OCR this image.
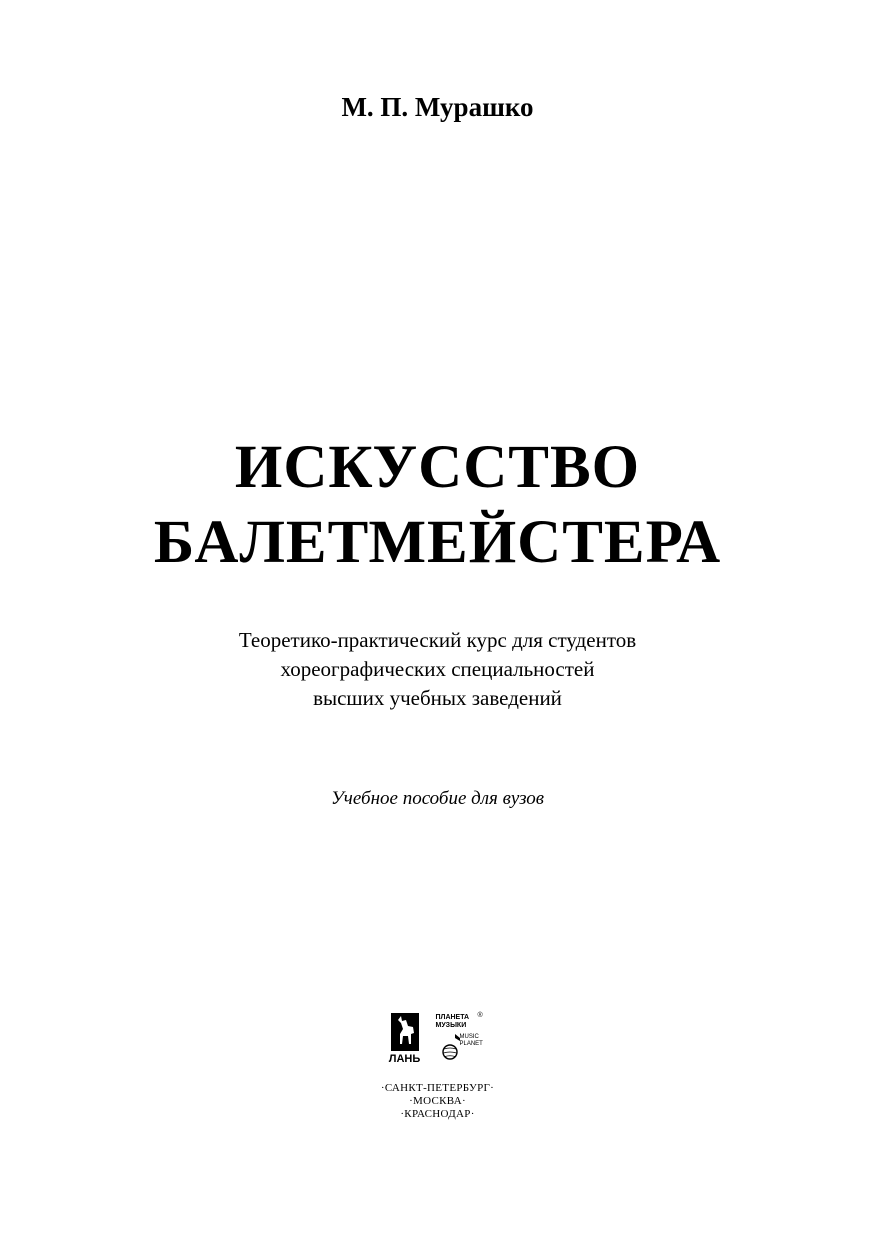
М. П. Мурашко
ИСКУССТВО
БАЛЕТМЕЙСТЕРА
Теоретико-практический курс для студентов
хореографических специальностей
высших учебных заведений
Учебное пособие для вузов
ЛАНЬ
ПЛАНЕТА
МУЗЫКИ
®
MUSIC
PLANET
·САНКТ-ПЕТЕРБУРГ·
·МОСКВА·
·КРАСНОДАР·
